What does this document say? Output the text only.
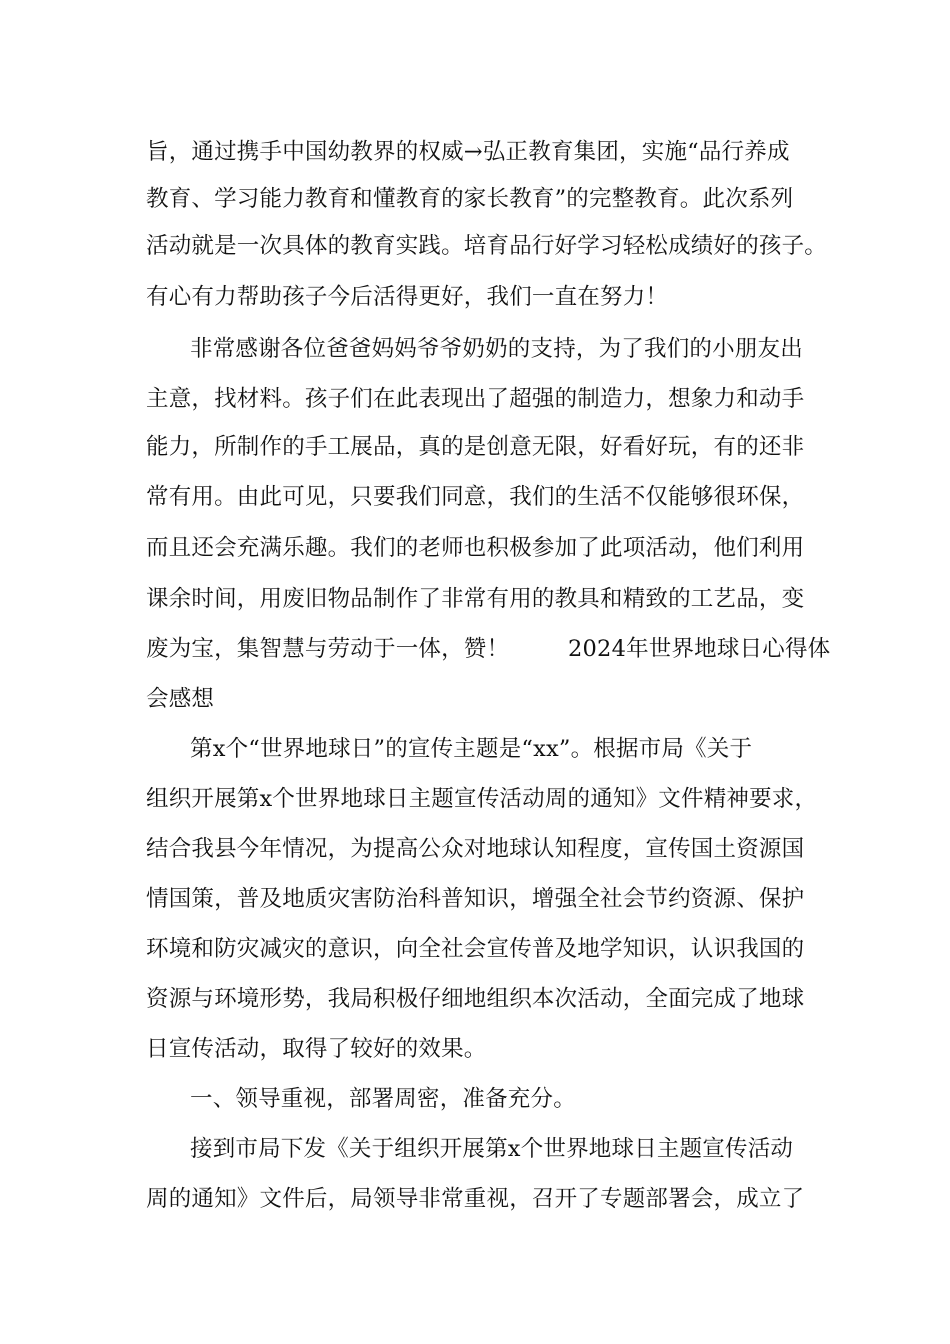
旨，通过携手中国幼教界的权威→弘正教育集团，实施“品行养成
教育、学习能力教育和懂教育的家长教育”的完整教育。此次系列
活动就是一次具体的教育实践。培育品行好学习轻松成绩好的孩子。
有心有力帮助孩子今后活得更好，我们一直在努力！
非常感谢各位爸爸妈妈爷爷奶奶的支持，为了我们的小朋友出
主意，找材料。孩子们在此表现出了超强的制造力，想象力和动手
能力，所制作的手工展品，真的是创意无限，好看好玩，有的还非
常有用。由此可见，只要我们同意，我们的生活不仅能够很环保，
而且还会充满乐趣。我们的老师也积极参加了此项活动，他们利用
课余时间，用废旧物品制作了非常有用的教具和精致的工艺品，变
废为宝，集智慧与劳动于一体，赞！        2024年世界地球日心得体
会感想
第x个“世界地球日”的宣传主题是“xx”。根据市局《关于
组织开展第x个世界地球日主题宣传活动周的通知》文件精神要求，
结合我县今年情况，为提高公众对地球认知程度，宣传国土资源国
情国策，普及地质灾害防治科普知识，增强全社会节约资源、保护
环境和防灾减灾的意识，向全社会宣传普及地学知识，认识我国的
资源与环境形势，我局积极仔细地组织本次活动，全面完成了地球
日宣传活动，取得了较好的效果。
一、领导重视，部署周密，准备充分。
接到市局下发《关于组织开展第x个世界地球日主题宣传活动
周的通知》文件后，局领导非常重视，召开了专题部署会，成立了
